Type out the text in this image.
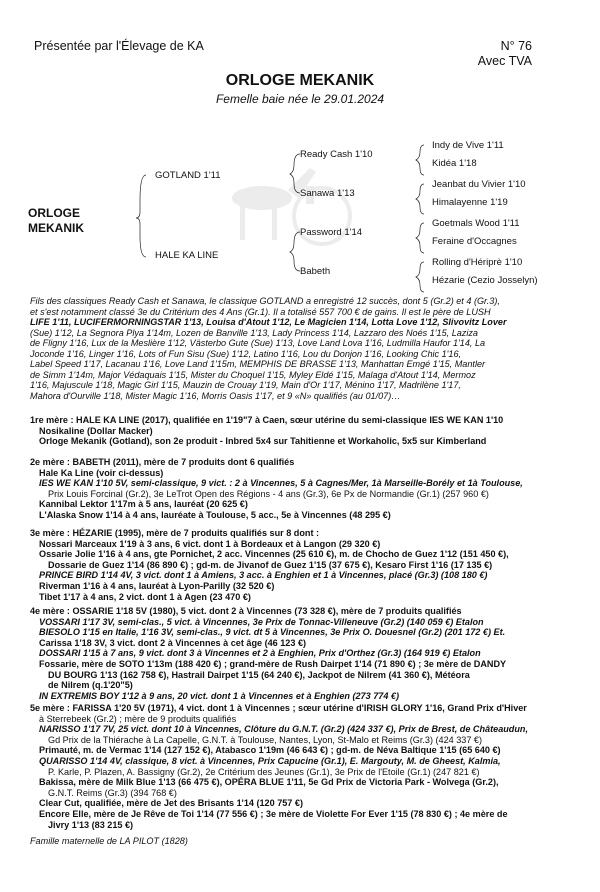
Présentée par l'Élevage de KA	N° 76
Avec TVA
ORLOGE MEKANIK
Femelle baie née le 29.01.2024
ORLOGE
MEKANIK
GOTLAND 1'11
HALE KA LINE
Ready Cash 1'10
Sanawa 1'13
Password 1'14
Babeth
Indy de Vive 1'11
Kidéa 1'18
Jeanbat du Vivier 1'10
Himalayenne 1'19
Goetmals Wood 1'11
Feraine d'Occagnes
Rolling d'Hériprè 1'10
Hézarie (Cezio Josselyn)
Fils des classiques Ready Cash et Sanawa, le classique GOTLAND a enregistré 12 succès, dont 5 (Gr.2) et 4 (Gr.3),
et s'est notamment classé 3e du Critérium des 4 Ans (Gr.1). Il a totalisé 557 700 € de gains. Il est le père de LUSH
LIFE 1'11, LUCIFERMORNINGSTAR 1'13, Louisa d'Atout 1'12, Le Magicien 1'14, Lotta Love 1'12, Slivovitz Lover
(Sue) 1'12, La Segnora Plya 1'14m, Lozen de Banville 1'13, Lady Princess 1'14, Lazzaro des Noés 1'15, Laziza
de Fligny 1'16, Lux de la Meslière 1'12, Västerbo Gute (Sue) 1'13, Love Land Lova 1'16, Ludmilla Haufor 1'14, La
Joconde 1'16, Linger 1'16, Lots of Fun Sisu (Sue) 1'12, Latino 1'16, Lou du Donjon 1'16, Looking Chic 1'16,
Label Speed 1'17, Lacanau 1'16, Love Land 1'15m, MEMPHIS DE BRASSE 1'13, Manhattan Emgé 1'15, Mantler
de Simm 1'14m, Major Védaquais 1'15, Mister du Choquel 1'15, Myley Eldé 1'15, Malaga d'Atout 1'14, Mermoz
1'16, Majuscule 1'18, Magic Girl 1'15, Mauzin de Crouay 1'19, Main d'Or 1'17, Ménino 1'17, Madrilène 1'17,
Mahora d'Ourville 1'18, Mister Magic 1'16, Morris Oasis 1'17, et 9 «N» qualifiés (au 01/07)…

1re mère : HALE KA LINE (2017), qualifiée en 1'19"7 à Caen, sœur utérine du semi-classique IES WE KAN 1'10

Nosikaline (Dollar Macker)

Orloge Mekanik (Gotland), son 2e produit - Inbred 5x4 sur Tahitienne et Workaholic, 5x5 sur Kimberland

2e mère : BABETH (2011), mère de 7 produits dont 6 qualifiés

Hale Ka Line (voir ci-dessus)

IES WE KAN 1'10 5V, semi-classique, 9 vict. : 2 à Vincennes, 5 à Cagnes/Mer, 1à Marseille-Borély et 1à Toulouse,

Prix Louis Forcinal (Gr.2), 3e LeTrot Open des Régions - 4 ans (Gr.3), 6e Px de Normandie (Gr.1) (257 960 €)

Kannibal Lektor 1'17m à 5 ans, lauréat (20 625 €)

L'Alaska Snow 1'14 à 4 ans, lauréate à Toulouse, 5 acc., 5e à Vincennes (48 295 €)

3e mère : HÉZARIE (1995), mère de 7 produits qualifiés sur 8 dont :

Nossari Marceaux 1'19 à 3 ans, 6 vict. dont 1 à Bordeaux et à Langon (29 320 €)

Ossarie Jolie 1'16 à 4 ans, gte Pornichet, 2 acc. Vincennes (25 610 €), m. de Chocho de Guez 1'12 (151 450 €),

Dossarie de Guez 1'14 (86 890 €) ; gd-m. de Jivanof de Guez 1'15 (37 675 €), Kesaro First 1'16 (17 135 €)

PRINCE BIRD 1'14 4V, 3 vict. dont 1 à Amiens, 3 acc. à Enghien et 1 à Vincennes, placé (Gr.3) (108 180 €)

Riverman 1'16 à 4 ans, lauréat à Lyon-Parilly (32 520 €)

Tibet 1'17 à 4 ans, 2 vict. dont 1 à Agen (23 470 €)

4e mère : OSSARIE 1'18 5V (1980), 5 vict. dont 2 à Vincennes (73 328 €), mère de 7 produits qualifiés

VOSSARI 1'17 3V, semi-clas., 5 vict. à Vincennes, 3e Prix de Tonnac-Villeneuve (Gr.2) (140 059 €) Etalon

BIESOLO 1'15 en Italie, 1'16 3V, semi-clas., 9 vict. dt 5 à Vincennes, 3e Prix O. Douesnel (Gr.2) (201 172 €) Et.

Carissa 1'18 3V, 3 vict. dont 2 à Vincennes à cet âge (46 123 €)

DOSSARI 1'15 à 7 ans, 9 vict. dont 3 à Vincennes et 2 à Enghien, Prix d'Orthez (Gr.3) (164 919 €) Etalon

Fossarie, mère de SOTO 1'13m (188 420 €) ; grand-mère de Rush Dairpet 1'14 (71 890 €) ; 3e mère de DANDY

DU BOURG 1'13 (162 758 €), Hastrail Dairpet 1'15 (64 240 €), Jackpot de Nilrem (41 360 €), Météora

de Nilrem (q.1'20"5)

IN EXTREMIS BOY 1'12 à 9 ans, 20 vict. dont 1 à Vincennes et à Enghien (273 774 €)

5e mère : FARISSA 1'20 5V (1971), 4 vict. dont 1 à Vincennes ; sœur utérine d'IRISH GLORY 1'16, Grand Prix d'Hiver

à Sterrebeek (Gr.2) ; mère de 9 produits qualifiés

NARISSO 1'17 7V, 25 vict. dont 10 à Vincennes, Clôture du G.N.T. (Gr.2) (424 337 €), Prix de Brest, de Châteaudun,

Gd Prix de la Thiérache à La Capelle, G.N.T. à Toulouse, Nantes, Lyon, St-Malo et Reims (Gr.3) (424 337 €)

Primauté, m. de Vermac 1'14 (127 152 €), Atabasco 1'19m (46 643 €) ; gd-m. de Néva Baltique 1'15 (65 640 €)

QUARISSO 1'14 4V, classique, 8 vict. à Vincennes, Prix Capucine (Gr.1), E. Margouty, M. de Gheest, Kalmia,

P. Karle, P. Plazen, A. Bassigny (Gr.2), 2e Critérium des Jeunes (Gr.1), 3e Prix de l'Etoile (Gr.1) (247 821 €)

Bakissa, mère de Milk Blue 1'13 (66 475 €), OPÉRA BLUE 1'11, 5e Gd Prix de Victoria Park - Wolvega (Gr.2),

G.N.T. Reims (Gr.3) (394 768 €)

Clear Cut, qualifiée, mère de Jet des Brisants 1'14 (120 757 €)

Encore Elle, mère de Je Rêve de Toi 1'14 (77 556 €) ; 3e mère de Violette For Ever 1'15 (78 830 €) ; 4e mère de

Jivry 1'13 (83 215 €)

Famille maternelle de LA PILOT (1828)
